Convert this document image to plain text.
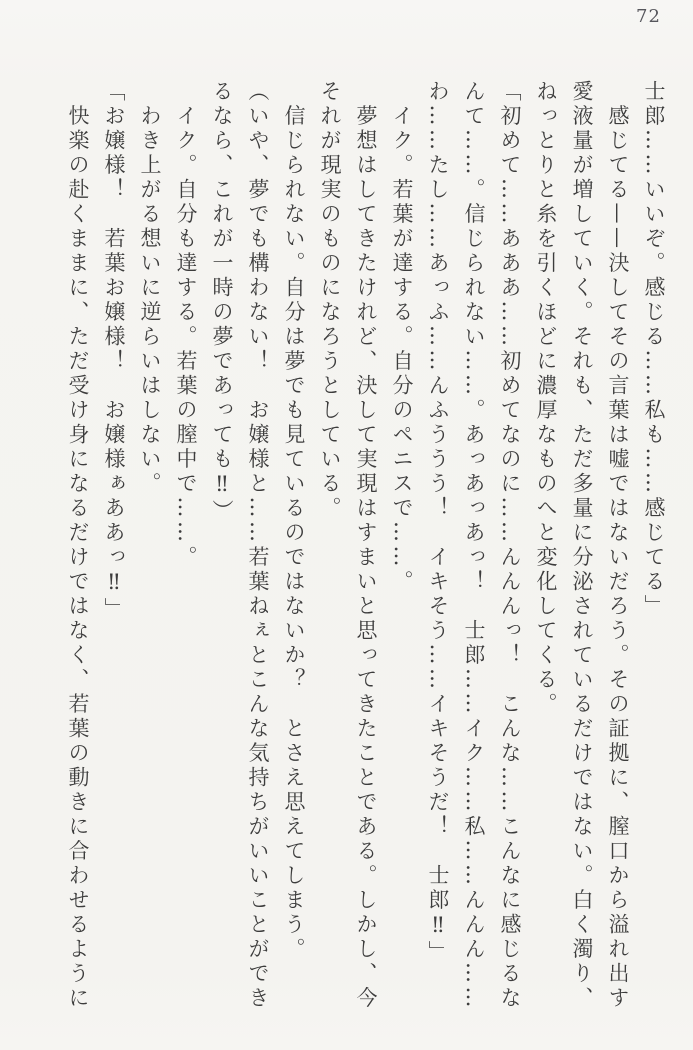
72

士郎……いいぞ。感じる……私も……感じてる」

　感じてる——決してその言葉は嘘ではないだろう。その証拠に、膣口から溢れ出す

愛液量が増していく。それも、ただ多量に分泌されているだけではない。白く濁り、

ねっとりと糸を引くほどに濃厚なものへと変化してくる。

「初めて……あああ……初めてなのに……んんんっ！　こんな……こんなに感じるな

んて……。信じられない……。あっあっあっ！　士郎……イク……私……んんん……

わ……たし……あっふ……んふううう！　イキそう……イキそうだ！　士郎‼」

　イク。若葉が達する。自分のペニスで……。

　夢想はしてきたけれど、決して実現はすまいと思ってきたことである。しかし、今

それが現実のものになろうとしている。

　信じられない。自分は夢でも見ているのではないか？　とさえ思えてしまう。

（いや、夢でも構わない！　お嬢様と……若葉ねぇとこんな気持ちがいいことができ

るなら、これが一時の夢であっても‼）

　イク。自分も達する。若葉の膣中で……。

　わき上がる想いに逆らいはしない。

「お嬢様！　若葉お嬢様！　お嬢様ぁああっ‼」

　快楽の赴くままに、ただ受け身になるだけではなく、若葉の動きに合わせるように
